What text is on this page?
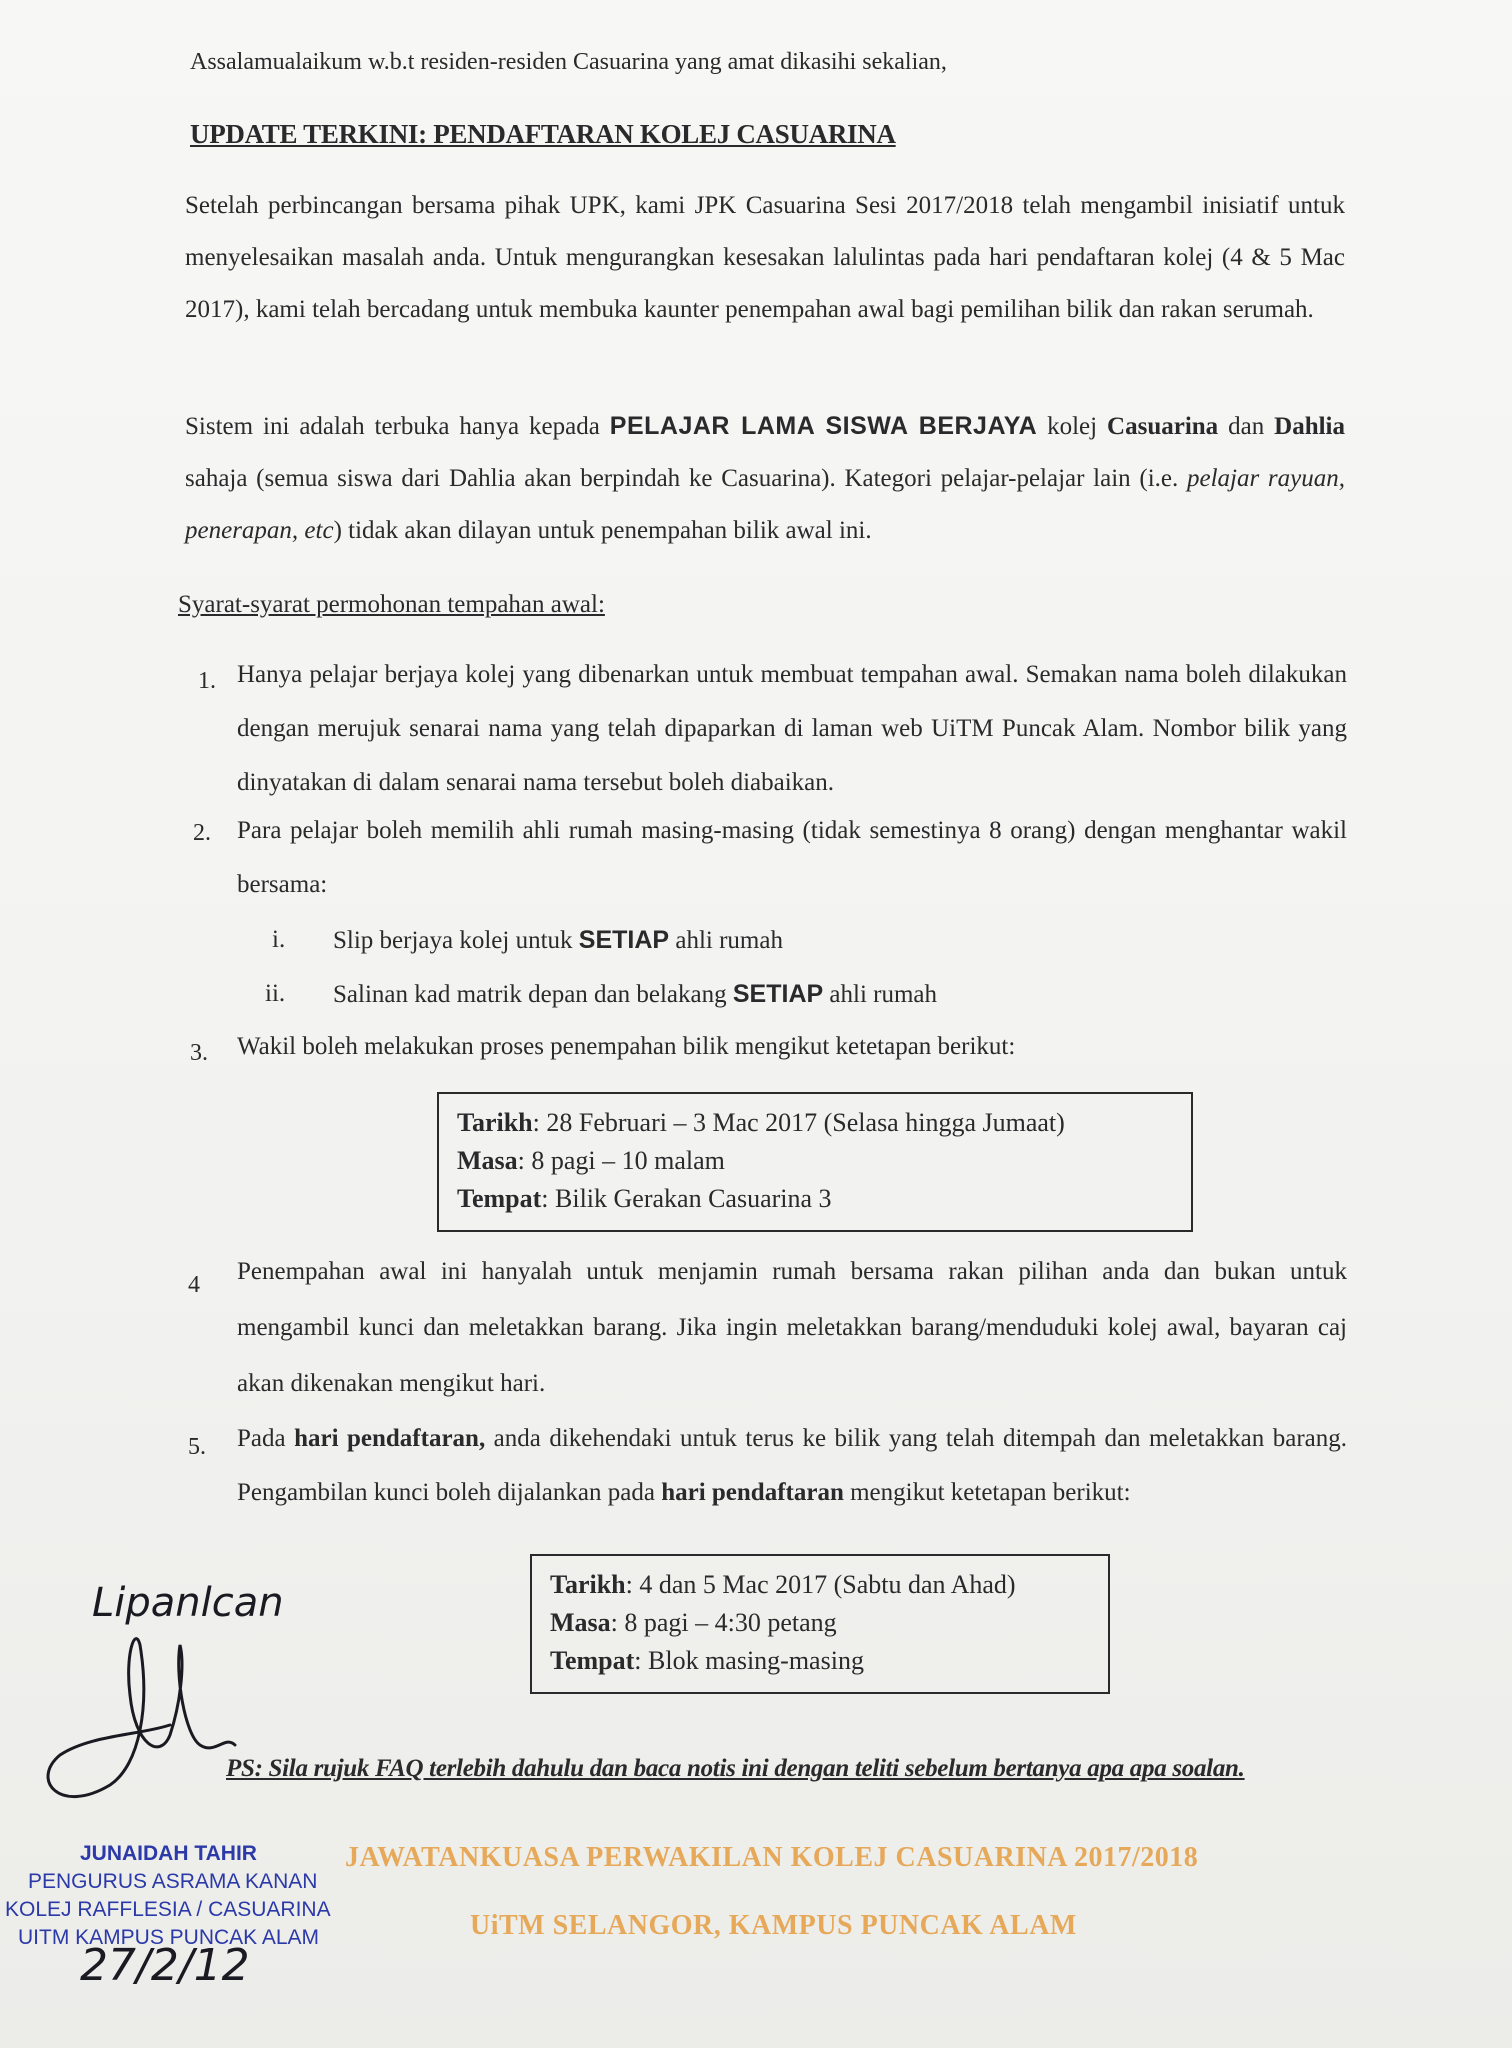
Assalamualaikum w.b.t residen-residen Casuarina yang amat dikasihi sekalian,
UPDATE TERKINI: PENDAFTARAN KOLEJ CASUARINA
Setelah perbincangan bersama pihak UPK, kami JPK Casuarina Sesi 2017/2018 telah mengambil inisiatif untuk menyelesaikan masalah anda. Untuk mengurangkan kesesakan lalulintas pada hari pendaftaran kolej (4 & 5 Mac 2017), kami telah bercadang untuk membuka kaunter penempahan awal bagi pemilihan bilik dan rakan serumah.
Sistem ini adalah terbuka hanya kepada PELAJAR LAMA SISWA BERJAYA kolej Casuarina dan Dahlia sahaja (semua siswa dari Dahlia akan berpindah ke Casuarina). Kategori pelajar-pelajar lain (i.e. pelajar rayuan, penerapan, etc) tidak akan dilayan untuk penempahan bilik awal ini.
Syarat-syarat permohonan tempahan awal:
1. Hanya pelajar berjaya kolej yang dibenarkan untuk membuat tempahan awal. Semakan nama boleh dilakukan dengan merujuk senarai nama yang telah dipaparkan di laman web UiTM Puncak Alam. Nombor bilik yang dinyatakan di dalam senarai nama tersebut boleh diabaikan.
2. Para pelajar boleh memilih ahli rumah masing-masing (tidak semestinya 8 orang) dengan menghantar wakil bersama:
i. Slip berjaya kolej untuk SETIAP ahli rumah
ii. Salinan kad matrik depan dan belakang SETIAP ahli rumah
3. Wakil boleh melakukan proses penempahan bilik mengikut ketetapan berikut:
Tarikh: 28 Februari – 3 Mac 2017 (Selasa hingga Jumaat)
Masa: 8 pagi – 10 malam
Tempat: Bilik Gerakan Casuarina 3
4 Penempahan awal ini hanyalah untuk menjamin rumah bersama rakan pilihan anda dan bukan untuk mengambil kunci dan meletakkan barang. Jika ingin meletakkan barang/menduduki kolej awal, bayaran caj akan dikenakan mengikut hari.
5. Pada hari pendaftaran, anda dikehendaki untuk terus ke bilik yang telah ditempah dan meletakkan barang. Pengambilan kunci boleh dijalankan pada hari pendaftaran mengikut ketetapan berikut:
Tarikh: 4 dan 5 Mac 2017 (Sabtu dan Ahad)
Masa: 8 pagi – 4:30 petang
Tempat: Blok masing-masing
PS: Sila rujuk FAQ terlebih dahulu dan baca notis ini dengan teliti sebelum bertanya apa apa soalan.
Lipanlcan
27/2/12
JUNAIDAH TAHIR
PENGURUS ASRAMA KANAN
KOLEJ RAFFLESIA / CASUARINA
UITM KAMPUS PUNCAK ALAM
JAWATANKUASA PERWAKILAN KOLEJ CASUARINA 2017/2018
UiTM SELANGOR, KAMPUS PUNCAK ALAM
